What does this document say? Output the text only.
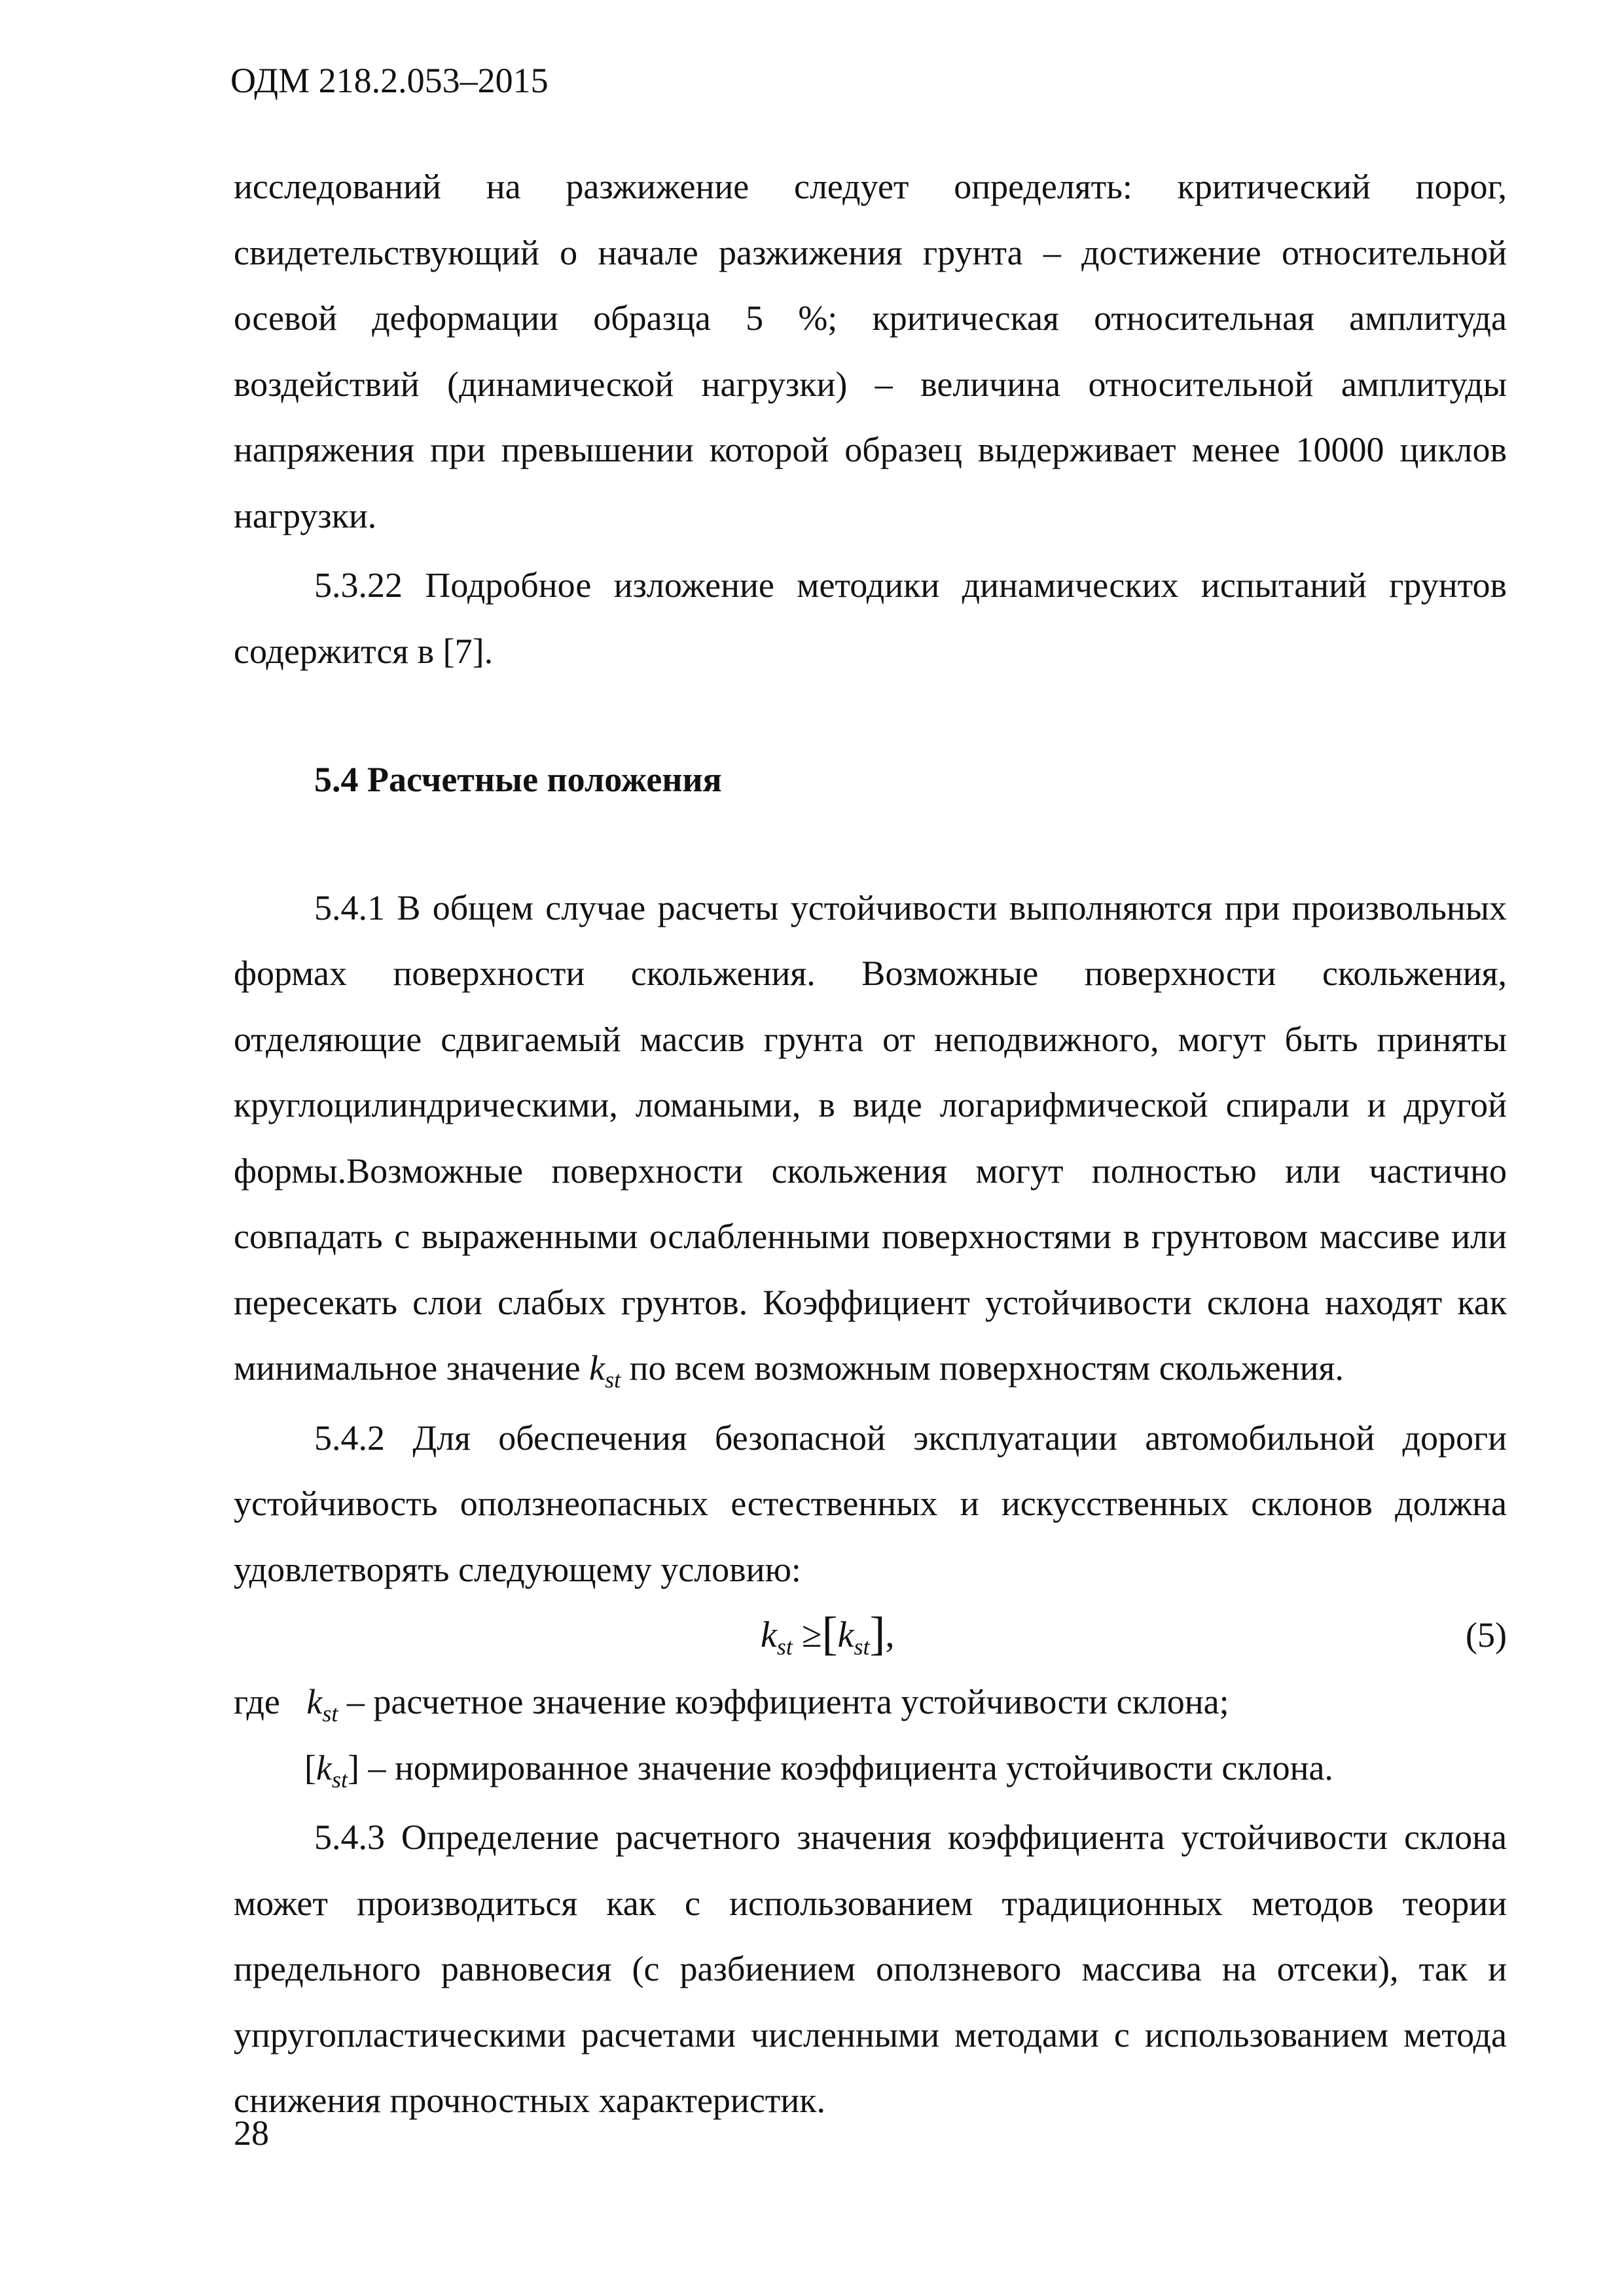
ОДМ 218.2.053–2015

исследований на разжижение следует определять: критический порог, свидетельствующий о начале разжижения грунта – достижение относительной осевой деформации образца 5 %; критическая относительная амплитуда воздействий (динамической нагрузки) – величина относительной амплитуды напряжения при превышении которой образец выдерживает менее 10000 циклов нагрузки.

5.3.22 Подробное изложение методики динамических испытаний грунтов содержится в [7].

5.4 Расчетные положения

5.4.1 В общем случае расчеты устойчивости выполняются при произвольных формах поверхности скольжения. Возможные поверхности скольжения, отделяющие сдвигаемый массив грунта от неподвижного, могут быть приняты круглоцилиндрическими, ломаными, в виде логарифмической спирали и другой формы.Возможные поверхности скольжения могут полностью или частично совпадать с выраженными ослабленными поверхностями в грунтовом массиве или пересекать слои слабых грунтов. Коэффициент устойчивости склона находят как минимальное значение $k_{st}$ по всем возможным поверхностям скольжения.

5.4.2 Для обеспечения безопасной эксплуатации автомобильной дороги устойчивость оползнеопасных естественных и искусственных склонов должна удовлетворять следующему условию:

$k_{st} \ge[k_{st}]$,	(5)

где $k_{st}$ – расчетное значение коэффициента устойчивости склона;

$[k_{st}]$ – нормированное значение коэффициента устойчивости склона.

5.4.3 Определение расчетного значения коэффициента устойчивости склона может производиться как с использованием традиционных методов теории предельного равновесия (с разбиением оползневого массива на отсеки), так и упругопластическими расчетами численными методами с использованием метода снижения прочностных характеристик.

28
